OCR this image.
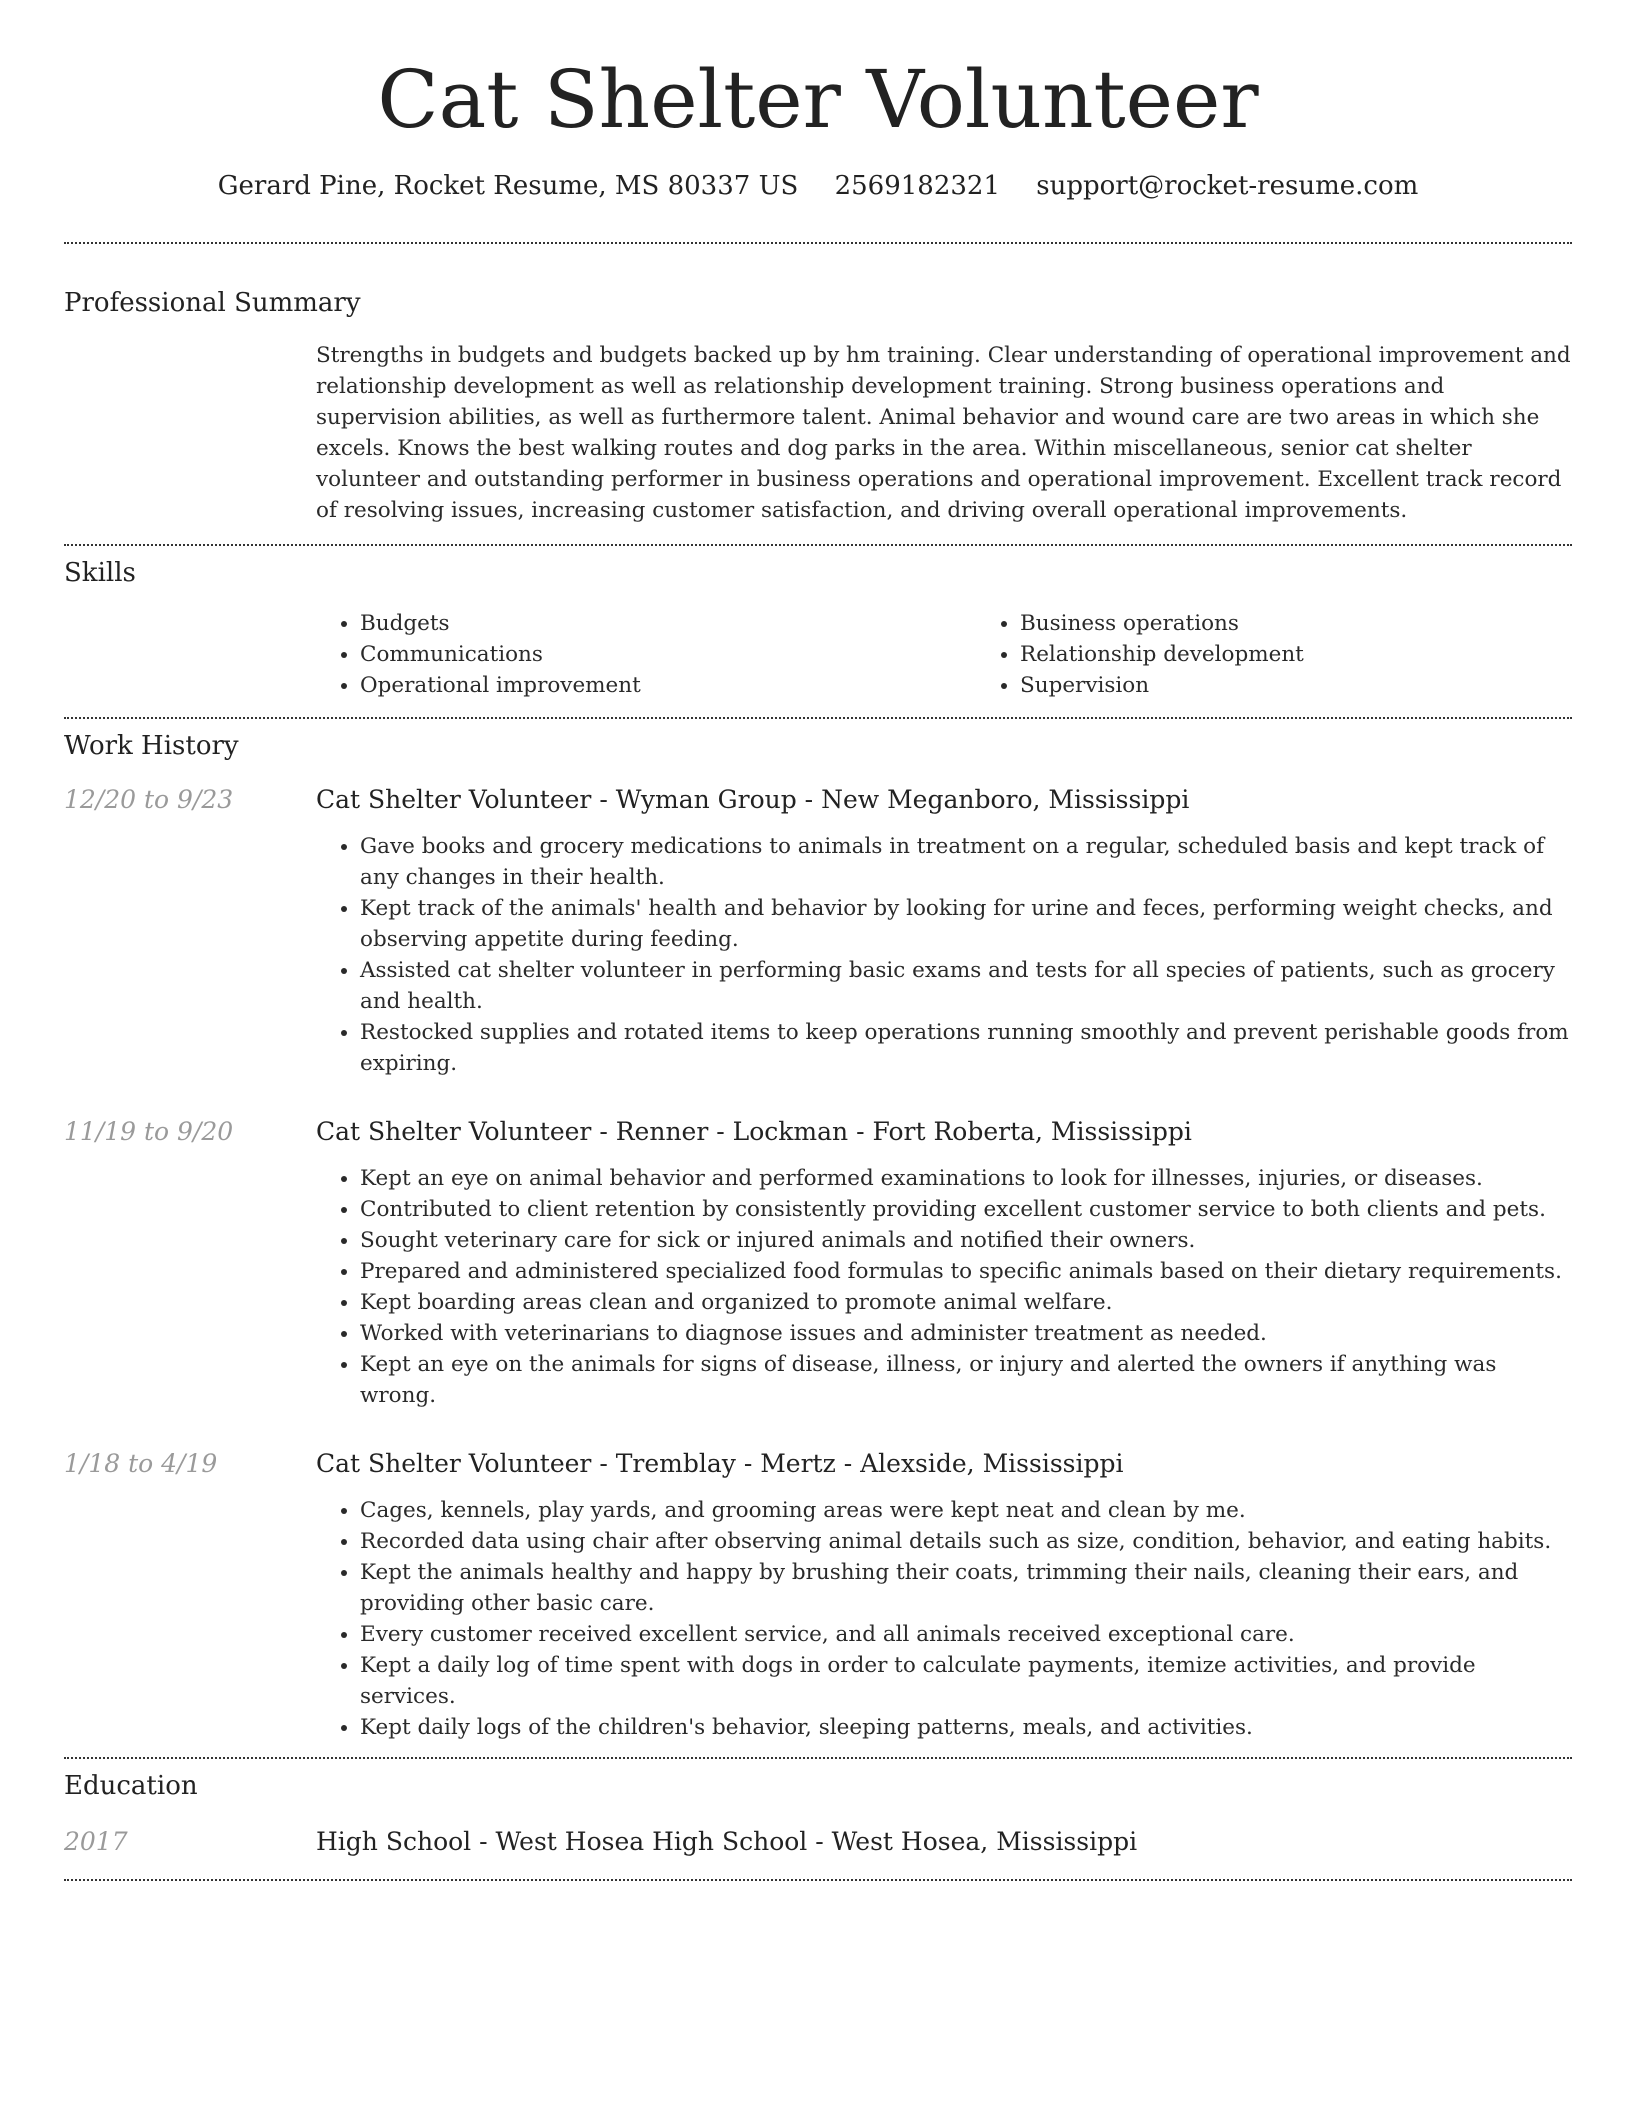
Cat Shelter Volunteer
Gerard Pine, Rocket Resume, MS 80337 US 2569182321 support@rocket-resume.com
Professional Summary

Strengths in budgets and budgets backed up by hm training. Clear understanding of operational improvement and relationship development as well as relationship development training. Strong business operations and supervision abilities, as well as furthermore talent. Animal behavior and wound care are two areas in which she excels. Knows the best walking routes and dog parks in the area. Within miscellaneous, senior cat shelter volunteer and outstanding performer in business operations and operational improvement. Excellent track record of resolving issues, increasing customer satisfaction, and driving overall operational improvements.

Skills
• Budgets
• Communications
• Operational improvement
• Business operations
• Relationship development
• Supervision
Work History
12/20 to 9/23	Cat Shelter Volunteer - Wyman Group - New Meganboro, Mississippi
• Gave books and grocery medications to animals in treatment on a regular, scheduled basis and kept track of any changes in their health.
• Kept track of the animals' health and behavior by looking for urine and feces, performing weight checks, and observing appetite during feeding.
• Assisted cat shelter volunteer in performing basic exams and tests for all species of patients, such as grocery and health.
• Restocked supplies and rotated items to keep operations running smoothly and prevent perishable goods from expiring.
11/19 to 9/20	Cat Shelter Volunteer - Renner - Lockman - Fort Roberta, Mississippi
• Kept an eye on animal behavior and performed examinations to look for illnesses, injuries, or diseases.
• Contributed to client retention by consistently providing excellent customer service to both clients and pets.
• Sought veterinary care for sick or injured animals and notified their owners.
• Prepared and administered specialized food formulas to specific animals based on their dietary requirements.
• Kept boarding areas clean and organized to promote animal welfare.
• Worked with veterinarians to diagnose issues and administer treatment as needed.
• Kept an eye on the animals for signs of disease, illness, or injury and alerted the owners if anything was wrong.
1/18 to 4/19	Cat Shelter Volunteer - Tremblay - Mertz - Alexside, Mississippi
• Cages, kennels, play yards, and grooming areas were kept neat and clean by me.
• Recorded data using chair after observing animal details such as size, condition, behavior, and eating habits.
• Kept the animals healthy and happy by brushing their coats, trimming their nails, cleaning their ears, and providing other basic care.
• Every customer received excellent service, and all animals received exceptional care.
• Kept a daily log of time spent with dogs in order to calculate payments, itemize activities, and provide services.
• Kept daily logs of the children's behavior, sleeping patterns, meals, and activities.
Education
2017	High School - West Hosea High School - West Hosea, Mississippi
